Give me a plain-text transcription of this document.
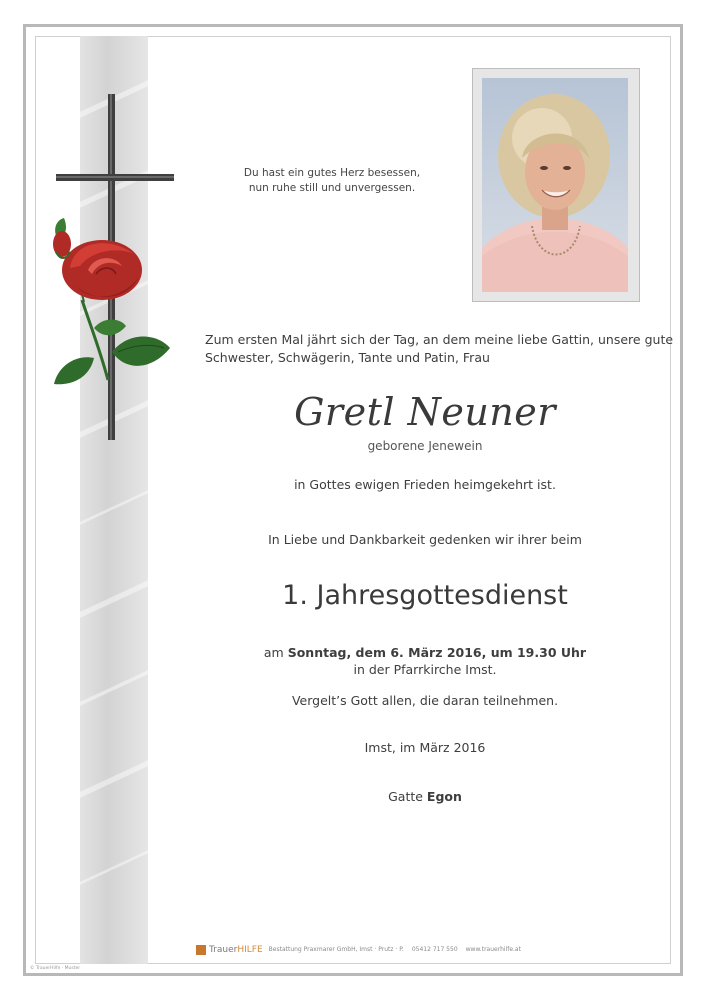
Du hast ein gutes Herz besessen,
nun ruhe still und unvergessen.
Zum ersten Mal jährt sich der Tag, an dem meine liebe Gattin, unsere gute
Schwester, Schwägerin, Tante und Patin, Frau
Gretl Neuner
geborene Jenewein
in Gottes ewigen Frieden heimgekehrt ist.
In Liebe und Dankbarkeit gedenken wir ihrer beim
1. Jahresgottesdienst
am Sonntag, dem 6. März 2016, um 19.30 Uhr
in der Pfarrkirche Imst.
Vergelt’s Gott allen, die daran teilnehmen.
Imst, im März 2016
Gatte Egon
TrauerHILFE Bestattung Praxmarer GmbH, Imst · Prutz · P. 05412 717 550 www.trauerhilfe.at
© TrauerHilfe · Muster
